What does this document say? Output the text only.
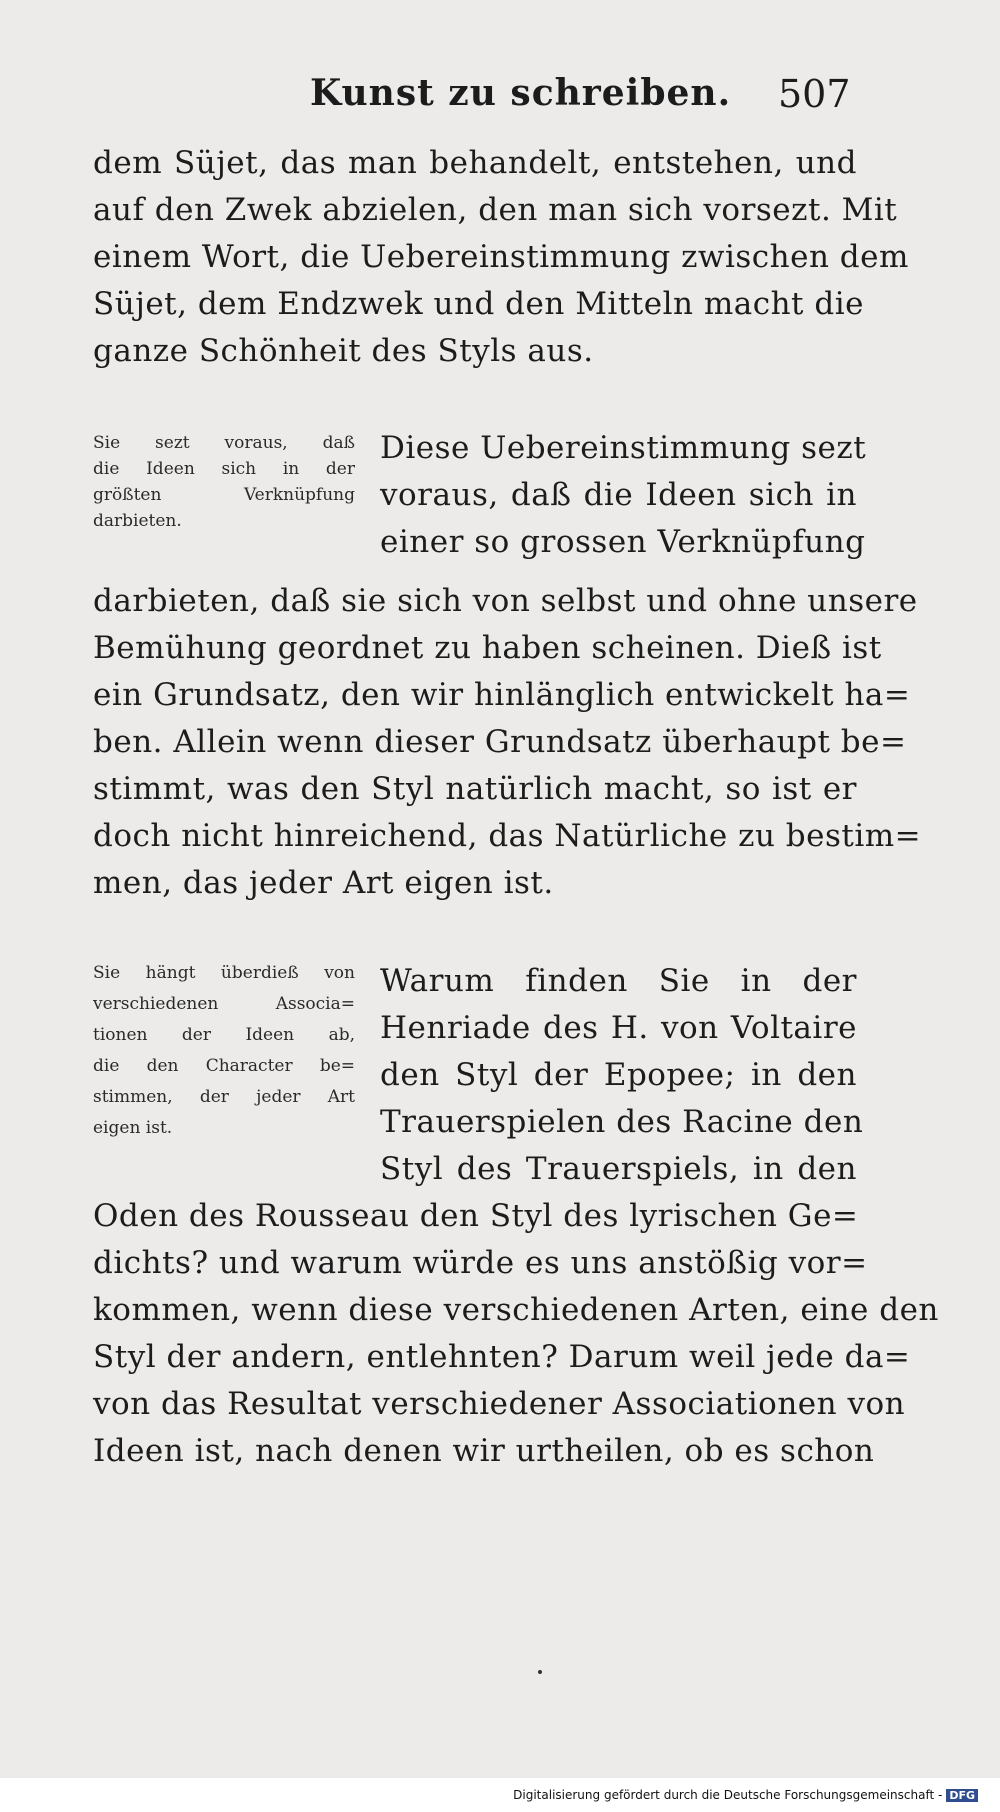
Kunst zu schreiben. 507
dem Süjet, das man behandelt, entstehen, und
auf den Zwek abzielen, den man sich vorsezt. Mit
einem Wort, die Uebereinstimmung zwischen dem
Süjet, dem Endzwek und den Mitteln macht die
ganze Schönheit des Styls aus.
Sie sezt voraus, daß
die Ideen sich in der
größten Verknüpfung
darbieten.
Diese Uebereinstimmung sezt
voraus, daß die Ideen sich in
einer so grossen Verknüpfung
darbieten, daß sie sich von selbst und ohne unsere
Bemühung geordnet zu haben scheinen. Dieß ist
ein Grundsatz, den wir hinlänglich entwickelt ha=
ben. Allein wenn dieser Grundsatz überhaupt be=
stimmt, was den Styl natürlich macht, so ist er
doch nicht hinreichend, das Natürliche zu bestim=
men, das jeder Art eigen ist.
Sie hängt überdieß von
verschiedenen Associa=
tionen der Ideen ab,
die den Character be=
stimmen, der jeder Art
eigen ist.
Warum finden Sie in der
Henriade des H. von Voltaire
den Styl der Epopee; in den
Trauerspielen des Racine den
Styl des Trauerspiels, in den
Oden des Rousseau den Styl des lyrischen Ge=
dichts? und warum würde es uns anstößig vor=
kommen, wenn diese verschiedenen Arten, eine den
Styl der andern, entlehnten? Darum weil jede da=
von das Resultat verschiedener Associationen von
Ideen ist, nach denen wir urtheilen, ob es schon
Digitalisierung gefördert durch die Deutsche Forschungsgemeinschaft - DFG
